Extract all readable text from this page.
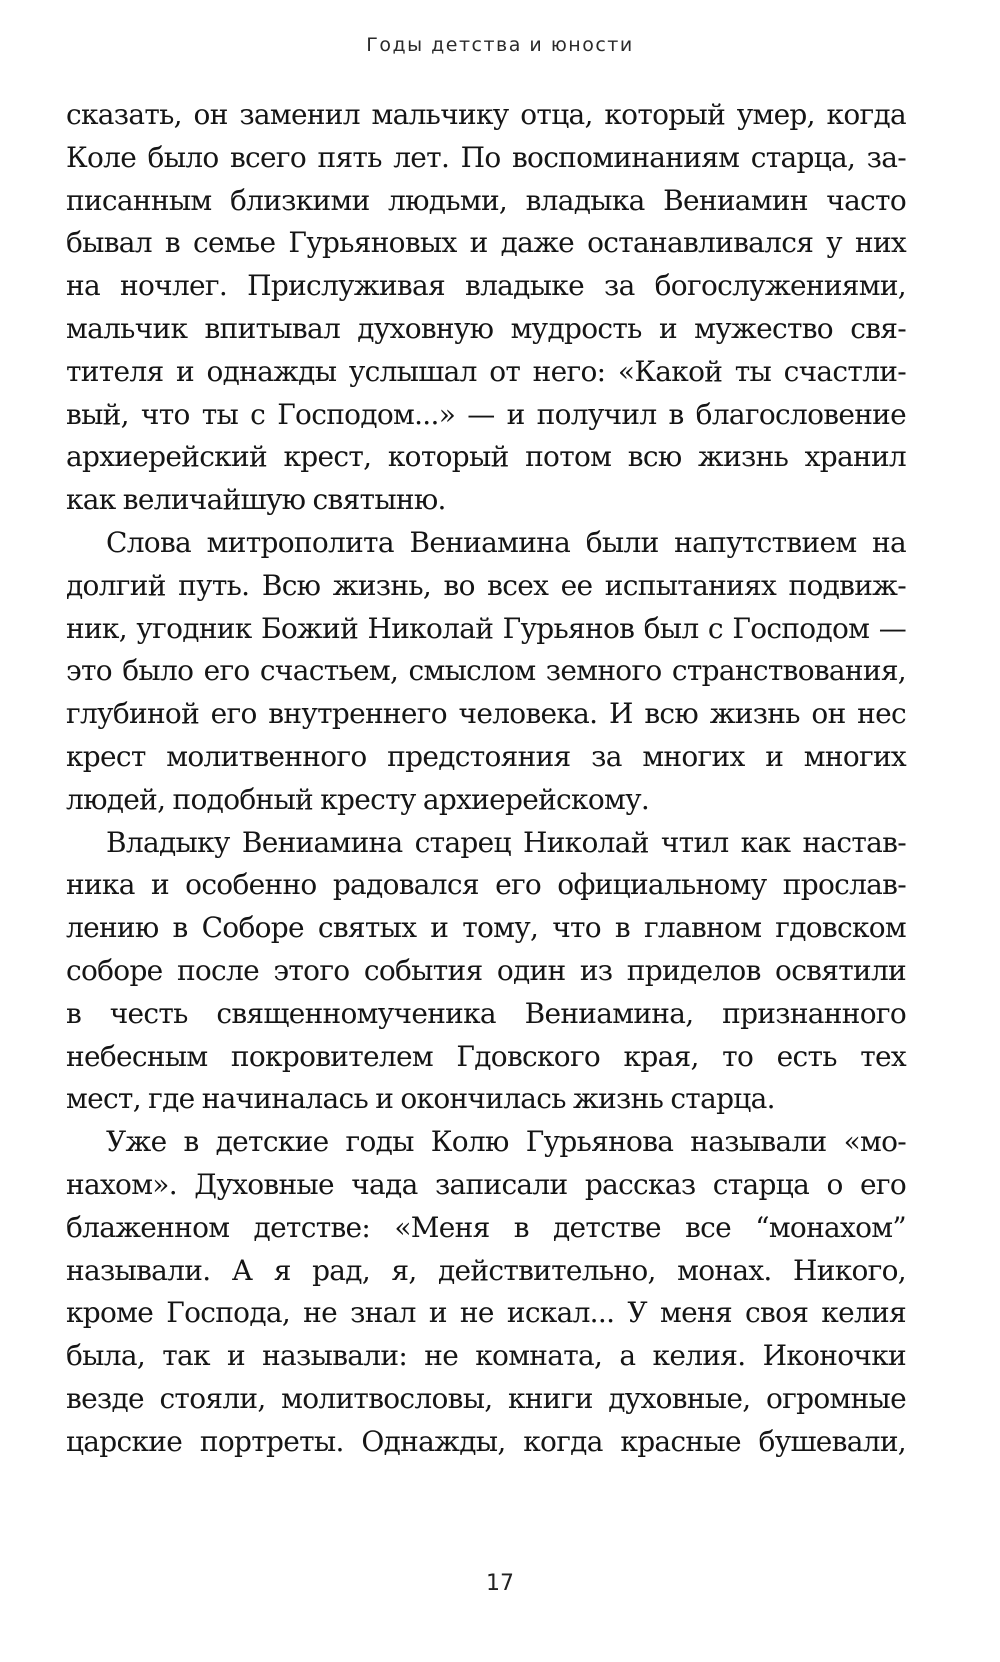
Годы детства и юности
сказать, он заменил мальчику отца, который умер, когда
Коле было всего пять лет. По воспоминаниям старца, за-
писанным близкими людьми, владыка Вениамин часто
бывал в семье Гурьяновых и даже останавливался у них
на ночлег. Прислуживая владыке за богослужениями,
мальчик впитывал духовную мудрость и мужество свя-
тителя и однажды услышал от него: «Какой ты счастли-
вый, что ты с Господом...» — и получил в благословение
архиерейский крест, который потом всю жизнь хранил
как величайшую святыню.
Слова митрополита Вениамина были напутствием на
долгий путь. Всю жизнь, во всех ее испытаниях подвиж-
ник, угодник Божий Николай Гурьянов был с Господом —
это было его счастьем, смыслом земного странствования,
глубиной его внутреннего человека. И всю жизнь он нес
крест молитвенного предстояния за многих и многих
людей, подобный кресту архиерейскому.
Владыку Вениамина старец Николай чтил как настав-
ника и особенно радовался его официальному прослав-
лению в Соборе святых и тому, что в главном гдовском
соборе после этого события один из приделов освятили
в честь священномученика Вениамина, признанного
небесным покровителем Гдовского края, то есть тех
мест, где начиналась и окончилась жизнь старца.
Уже в детские годы Колю Гурьянова называли «мо-
нахом». Духовные чада записали рассказ старца о его
блаженном детстве: «Меня в детстве все “монахом”
называли. А я рад, я, действительно, монах. Никого,
кроме Господа, не знал и не искал... У меня своя келия
была, так и называли: не комната, а келия. Иконочки
везде стояли, молитвословы, книги духовные, огромные
царские портреты. Однажды, когда красные бушевали,
17
